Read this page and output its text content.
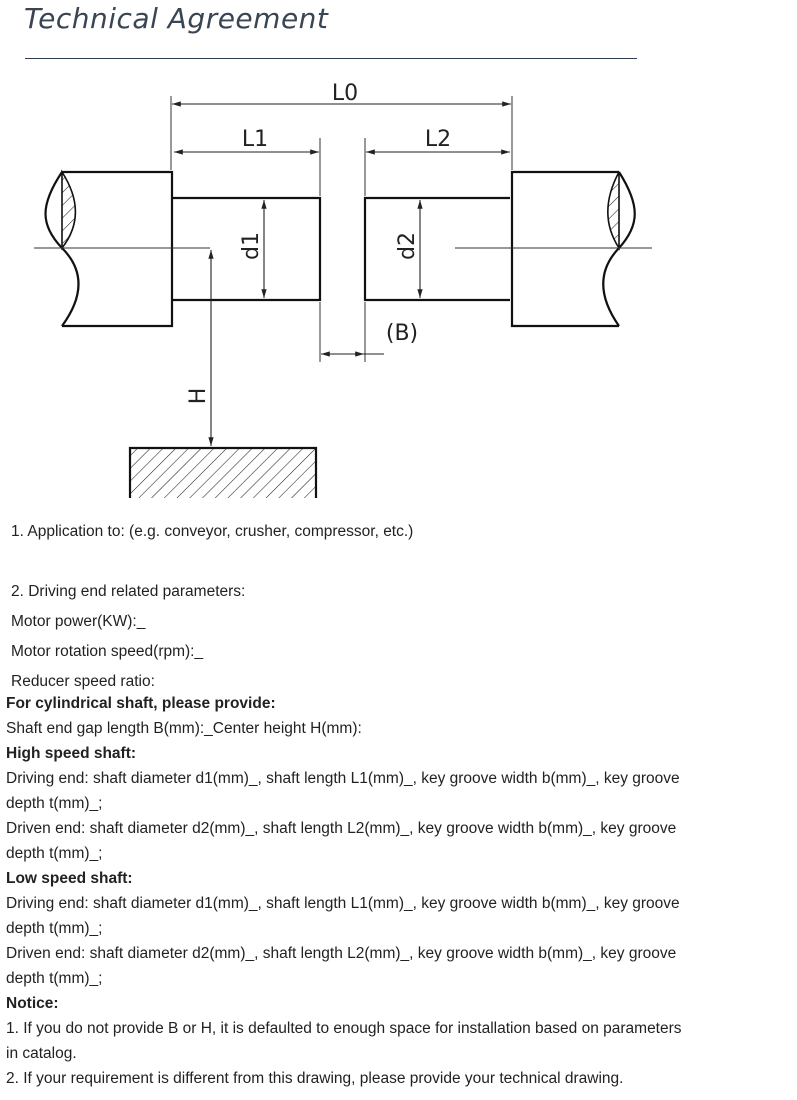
Technical Agreement
L0
L1	L2
d1	d2
(B)
H
1. Application to: (e.g. conveyor, crusher, compressor, etc.)
2. Driving end related parameters:
Motor power(KW):_
Motor rotation speed(rpm):_
Reducer speed ratio:
For cylindrical shaft, please provide:
Shaft end gap length B(mm):_Center height H(mm):
High speed shaft:

Driving end: shaft diameter d1(mm)_, shaft length L1(mm)_, key groove width b(mm)_, key groove depth t(mm)_;

Driven end: shaft diameter d2(mm)_, shaft length L2(mm)_, key groove width b(mm)_, key groove depth t(mm)_;

Low speed shaft:

Driving end: shaft diameter d1(mm)_, shaft length L1(mm)_, key groove width b(mm)_, key groove depth t(mm)_;

Driven end: shaft diameter d2(mm)_, shaft length L2(mm)_, key groove width b(mm)_, key groove depth t(mm)_;

Notice:

1. If you do not provide B or H, it is defaulted to enough space for installation based on parameters in catalog.

2. If your requirement is different from this drawing, please provide your technical drawing.
